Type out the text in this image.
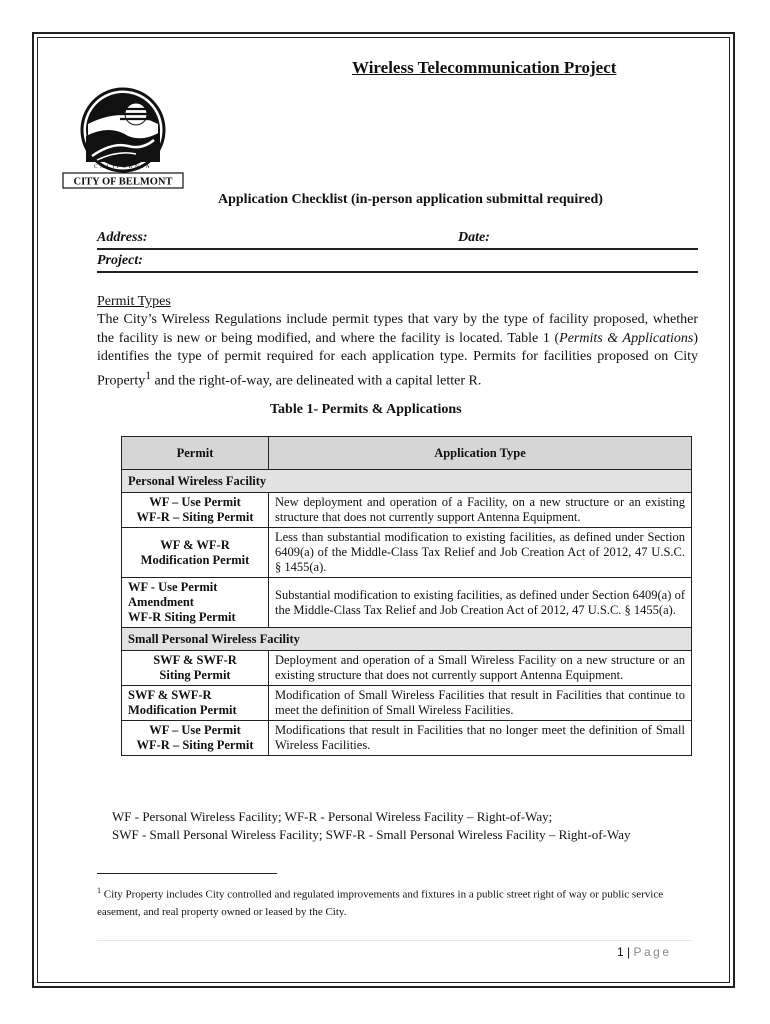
Wireless Telecommunication Project
CALIFORNIA
CITY OF BELMONT
Application Checklist (in-person application submittal required)
Address:	Date:
Project:
Permit Types
The City’s Wireless Regulations include permit types that vary by the type of facility proposed, whether the facility is new or being modified, and where the facility is located. Table 1 (Permits & Applications) identifies the type of permit required for each application type. Permits for facilities proposed on City Property$^1$ and the right-of-way, are delineated with a capital letter R.
Table 1- Permits & Applications
Permit	Application Type
Personal Wireless Facility	

WF – Use Permit
WF-R – Siting Permit	New deployment and operation of a Facility, on a new structure or an existing structure that does not currently support Antenna Equipment.

WF & WF-R
Modification Permit	Less than substantial modification to existing facilities, as defined under Section 6409(a) of the Middle-Class Tax Relief and Job Creation Act of 2012, 47 U.S.C. § 1455(a).

WF - Use Permit
Amendment
WF-R Siting Permit	Substantial modification to existing facilities, as defined under Section 6409(a) of the Middle-Class Tax Relief and Job Creation Act of 2012, 47 U.S.C. § 1455(a).
Small Personal Wireless Facility	

SWF & SWF-R
Siting Permit	Deployment and operation of a Small Wireless Facility on a new structure or an existing structure that does not currently support Antenna Equipment.

SWF & SWF-R
Modification Permit	Modification of Small Wireless Facilities that result in Facilities that continue to meet the definition of Small Wireless Facilities.

WF – Use Permit
WF-R – Siting Permit	Modifications that result in Facilities that no longer meet the definition of Small Wireless Facilities.
WF - Personal Wireless Facility; WF-R - Personal Wireless Facility – Right-of-Way;
SWF - Small Personal Wireless Facility; SWF-R - Small Personal Wireless Facility – Right-of-Way
$^1$ City Property includes City controlled and regulated improvements and fixtures in a public street right of way or public service easement, and real property owned or leased by the City.
1 | Page
